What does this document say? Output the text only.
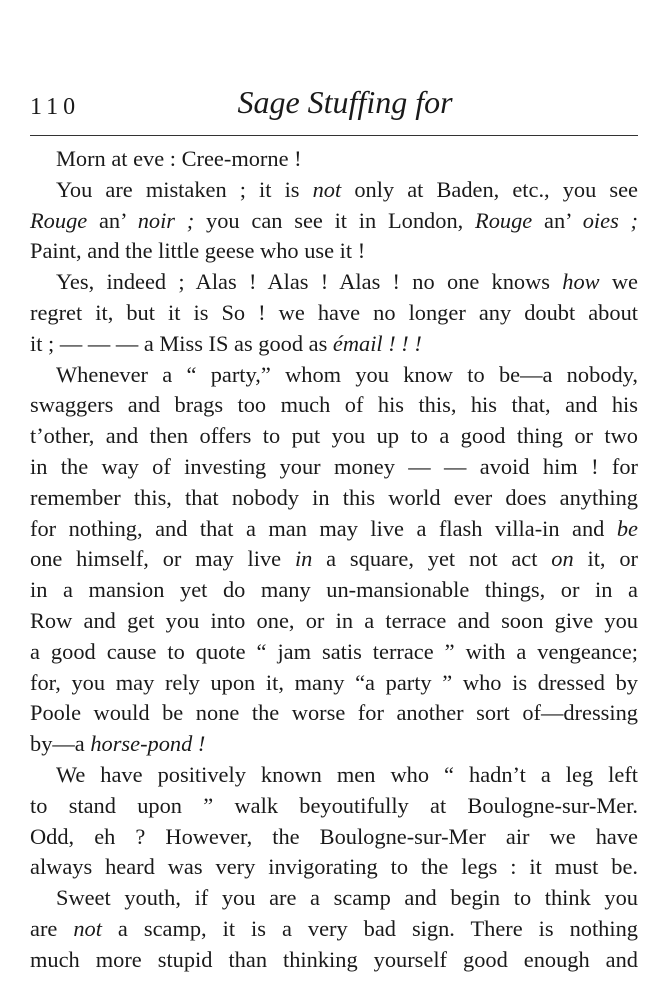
110	Sage Stuffing for
Morn at eve : Cree-morne !
You are mistaken ; it is not only at Baden, etc., you see
Rouge an’ noir ; you can see it in London, Rouge an’ oies ;
Paint, and the little geese who use it !
Yes, indeed ; Alas ! Alas ! Alas ! no one knows how we
regret it, but it is So ! we have no longer any doubt about
it ; — — — a Miss IS as good as émail ! ! !
Whenever a “ party,” whom you know to be—a nobody,
swaggers and brags too much of his this, his that, and his
t’other, and then offers to put you up to a good thing or two
in the way of investing your money — — avoid him ! for
remember this, that nobody in this world ever does anything
for nothing, and that a man may live a flash villa-in and be
one himself, or may live in a square, yet not act on it, or
in a mansion yet do many un-mansionable things, or in a
Row and get you into one, or in a terrace and soon give you
a good cause to quote “ jam satis terrace ” with a vengeance;
for, you may rely upon it, many “a party ” who is dressed by
Poole would be none the worse for another sort of—dressing
by—a horse-pond !
We have positively known men who “ hadn’t a leg left
to stand upon ” walk beyoutifully at Boulogne-sur-Mer.
Odd, eh ? However, the Boulogne-sur-Mer air we have
always heard was very invigorating to the legs : it must be.
Sweet youth, if you are a scamp and begin to think you
are not a scamp, it is a very bad sign. There is nothing
much more stupid than thinking yourself good enough and
